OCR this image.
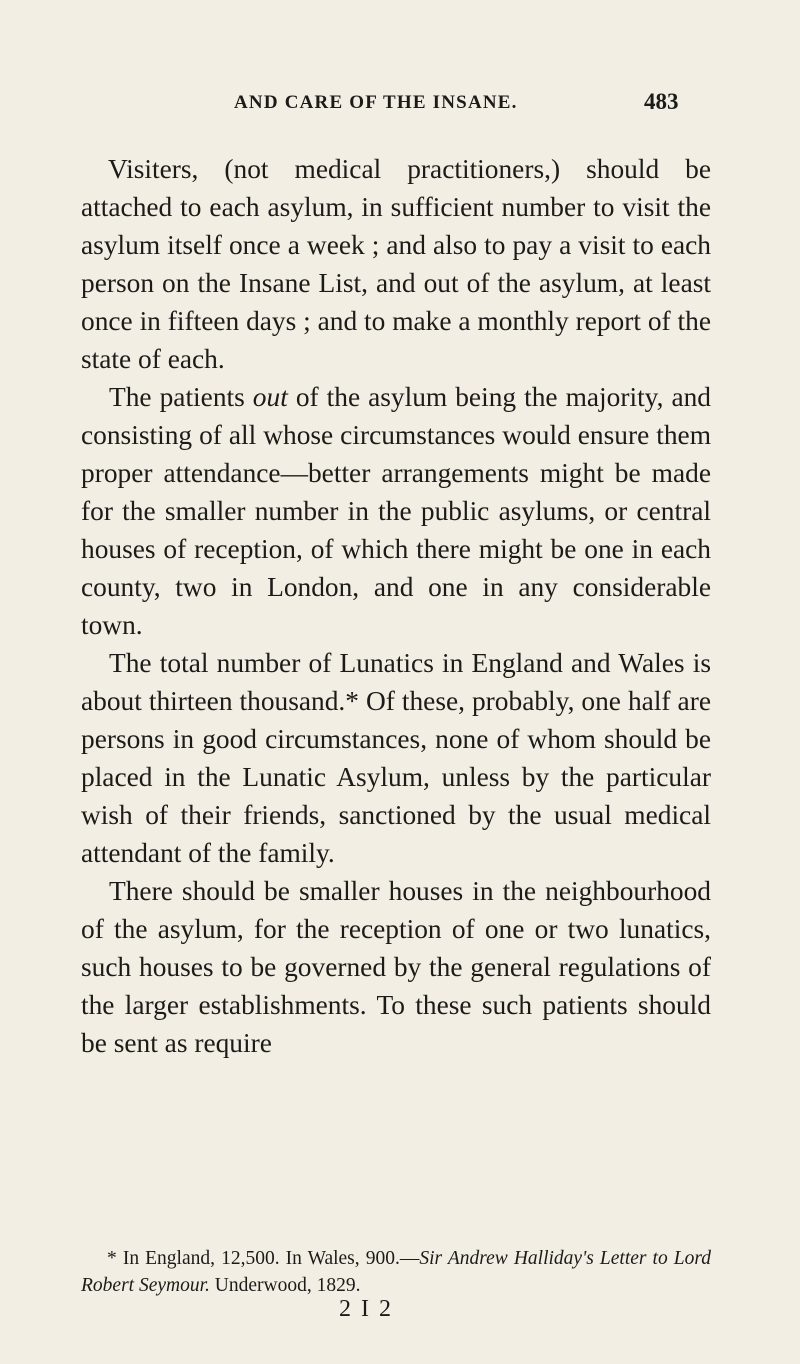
AND CARE OF THE INSANE.	483

Visiters, (not medical practitioners,) should be attached to each asylum, in sufficient number to visit the asylum itself once a week ; and also to pay a visit to each person on the Insane List, and out of the asylum, at least once in fifteen days ; and to make a monthly report of the state of each.

The patients out of the asylum being the majority, and consisting of all whose circumstances would ensure them proper attendance—better arrangements might be made for the smaller number in the public asylums, or central houses of reception, of which there might be one in each county, two in London, and one in any considerable town.

The total number of Lunatics in England and Wales is about thirteen thousand.* Of these, probably, one half are persons in good circumstances, none of whom should be placed in the Lunatic Asylum, unless by the particular wish of their friends, sanctioned by the usual medical attendant of the family.

There should be smaller houses in the neighbourhood of the asylum, for the reception of one or two lunatics, such houses to be governed by the general regulations of the larger establishments. To these such patients should be sent as require

* In England, 12,500. In Wales, 900.—Sir Andrew Halliday's Letter to Lord Robert Seymour. Underwood, 1829.

2 I 2
